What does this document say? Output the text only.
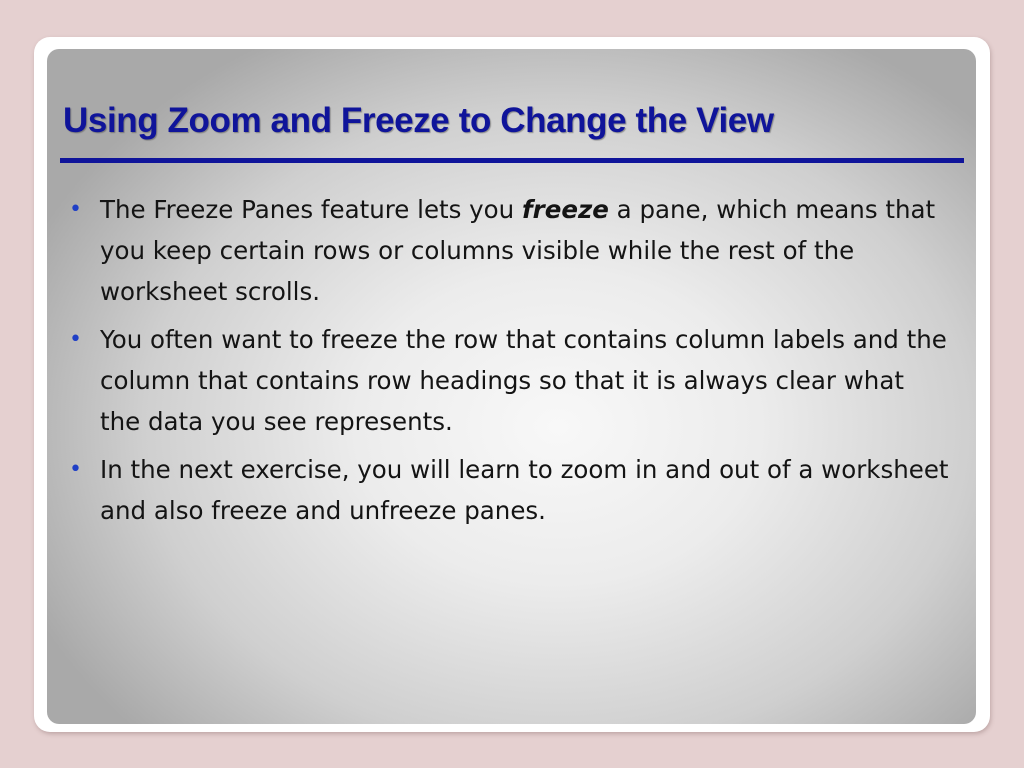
Using Zoom and Freeze to Change the View
• The Freeze Panes feature lets you freeze a pane, which means that you keep certain rows or columns visible while the rest of the worksheet scrolls.
• You often want to freeze the row that contains column labels and the column that contains row headings so that it is always clear what the data you see represents.
• In the next exercise, you will learn to zoom in and out of a worksheet and also freeze and unfreeze panes.
